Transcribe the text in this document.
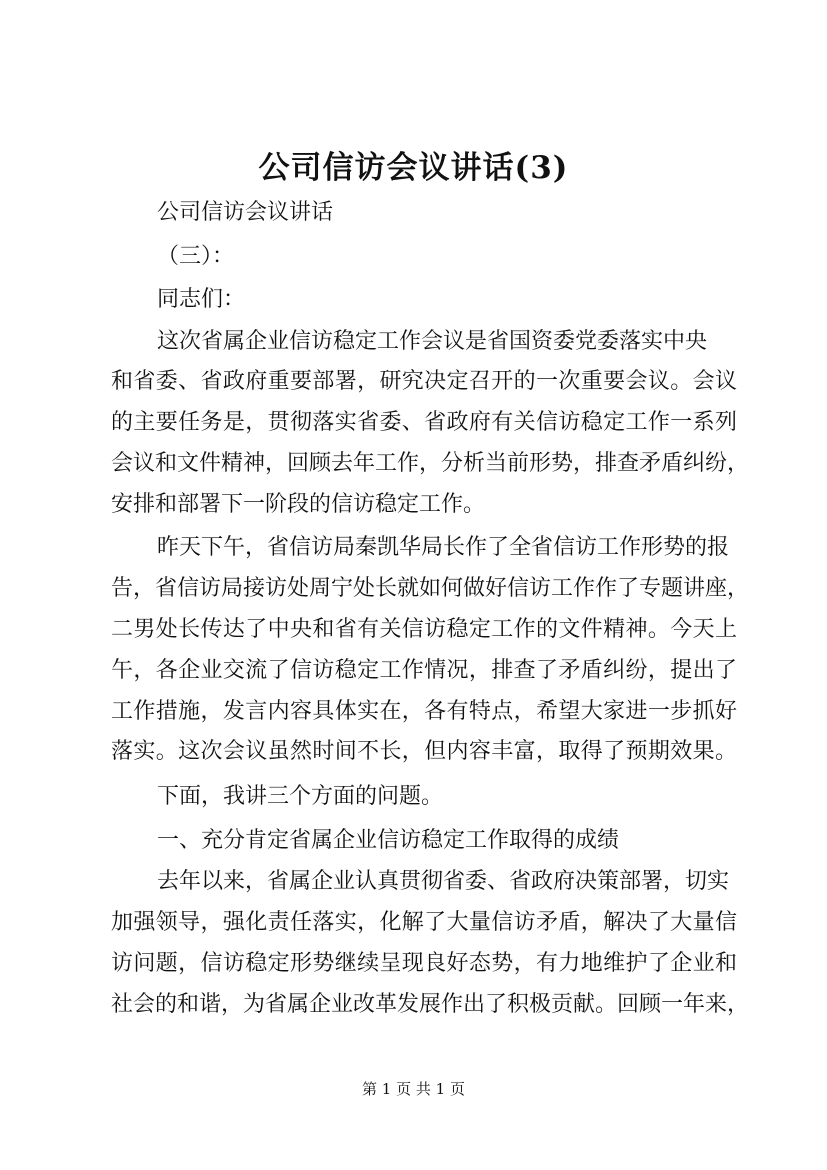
公司信访会议讲话(3)
公司信访会议讲话
（三）：
同志们：
这次省属企业信访稳定工作会议是省国资委党委落实中央
和省委、省政府重要部署，研究决定召开的一次重要会议。会议
的主要任务是，贯彻落实省委、省政府有关信访稳定工作一系列
会议和文件精神，回顾去年工作，分析当前形势，排查矛盾纠纷，
安排和部署下一阶段的信访稳定工作。
昨天下午，省信访局秦凯华局长作了全省信访工作形势的报
告，省信访局接访处周宁处长就如何做好信访工作作了专题讲座，
二男处长传达了中央和省有关信访稳定工作的文件精神。今天上
午，各企业交流了信访稳定工作情况，排查了矛盾纠纷，提出了
工作措施，发言内容具体实在，各有特点，希望大家进一步抓好
落实。这次会议虽然时间不长，但内容丰富，取得了预期效果。
下面，我讲三个方面的问题。
一、充分肯定省属企业信访稳定工作取得的成绩
去年以来，省属企业认真贯彻省委、省政府决策部署，切实
加强领导，强化责任落实，化解了大量信访矛盾，解决了大量信
访问题，信访稳定形势继续呈现良好态势，有力地维护了企业和
社会的和谐，为省属企业改革发展作出了积极贡献。回顾一年来，
第 1 页 共 1 页
